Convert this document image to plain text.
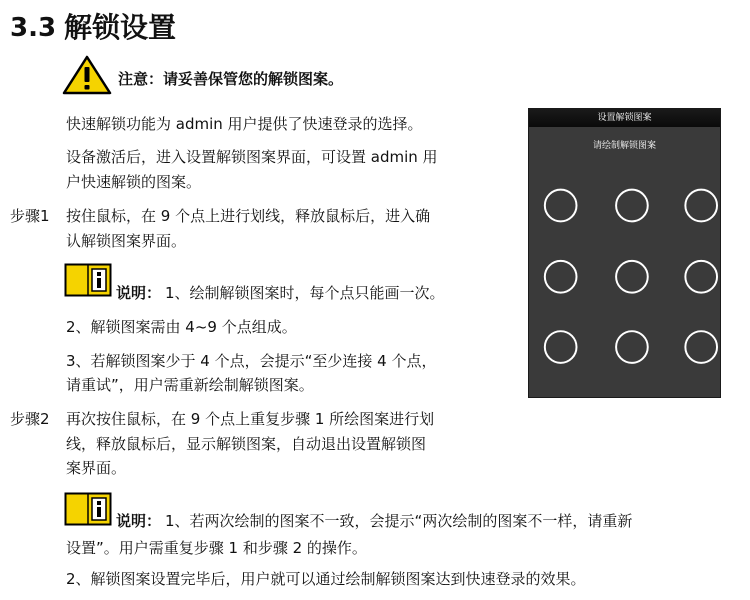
3.3 解锁设置
注意：请妥善保管您的解锁图案。
快速解锁功能为 admin 用户提供了快速登录的选择。
设备激活后，进入设置解锁图案界面，可设置 admin 用
户快速解锁的图案。
步骤1 按住鼠标，在 9 个点上进行划线，释放鼠标后，进入确
认解锁图案界面。
说明： 1、绘制解锁图案时，每个点只能画一次。
2、解锁图案需由 4~9 个点组成。
3、若解锁图案少于 4 个点，会提示“至少连接 4 个点，
请重试”，用户需重新绘制解锁图案。
步骤2 再次按住鼠标，在 9 个点上重复步骤 1 所绘图案进行划
线，释放鼠标后，显示解锁图案，自动退出设置解锁图
案界面。
说明： 1、若两次绘制的图案不一致，会提示“两次绘制的图案不一样，请重新
设置”。用户需重复步骤 1 和步骤 2 的操作。
2、解锁图案设置完毕后，用户就可以通过绘制解锁图案达到快速登录的效果。
设置解锁图案
请绘制解锁图案
